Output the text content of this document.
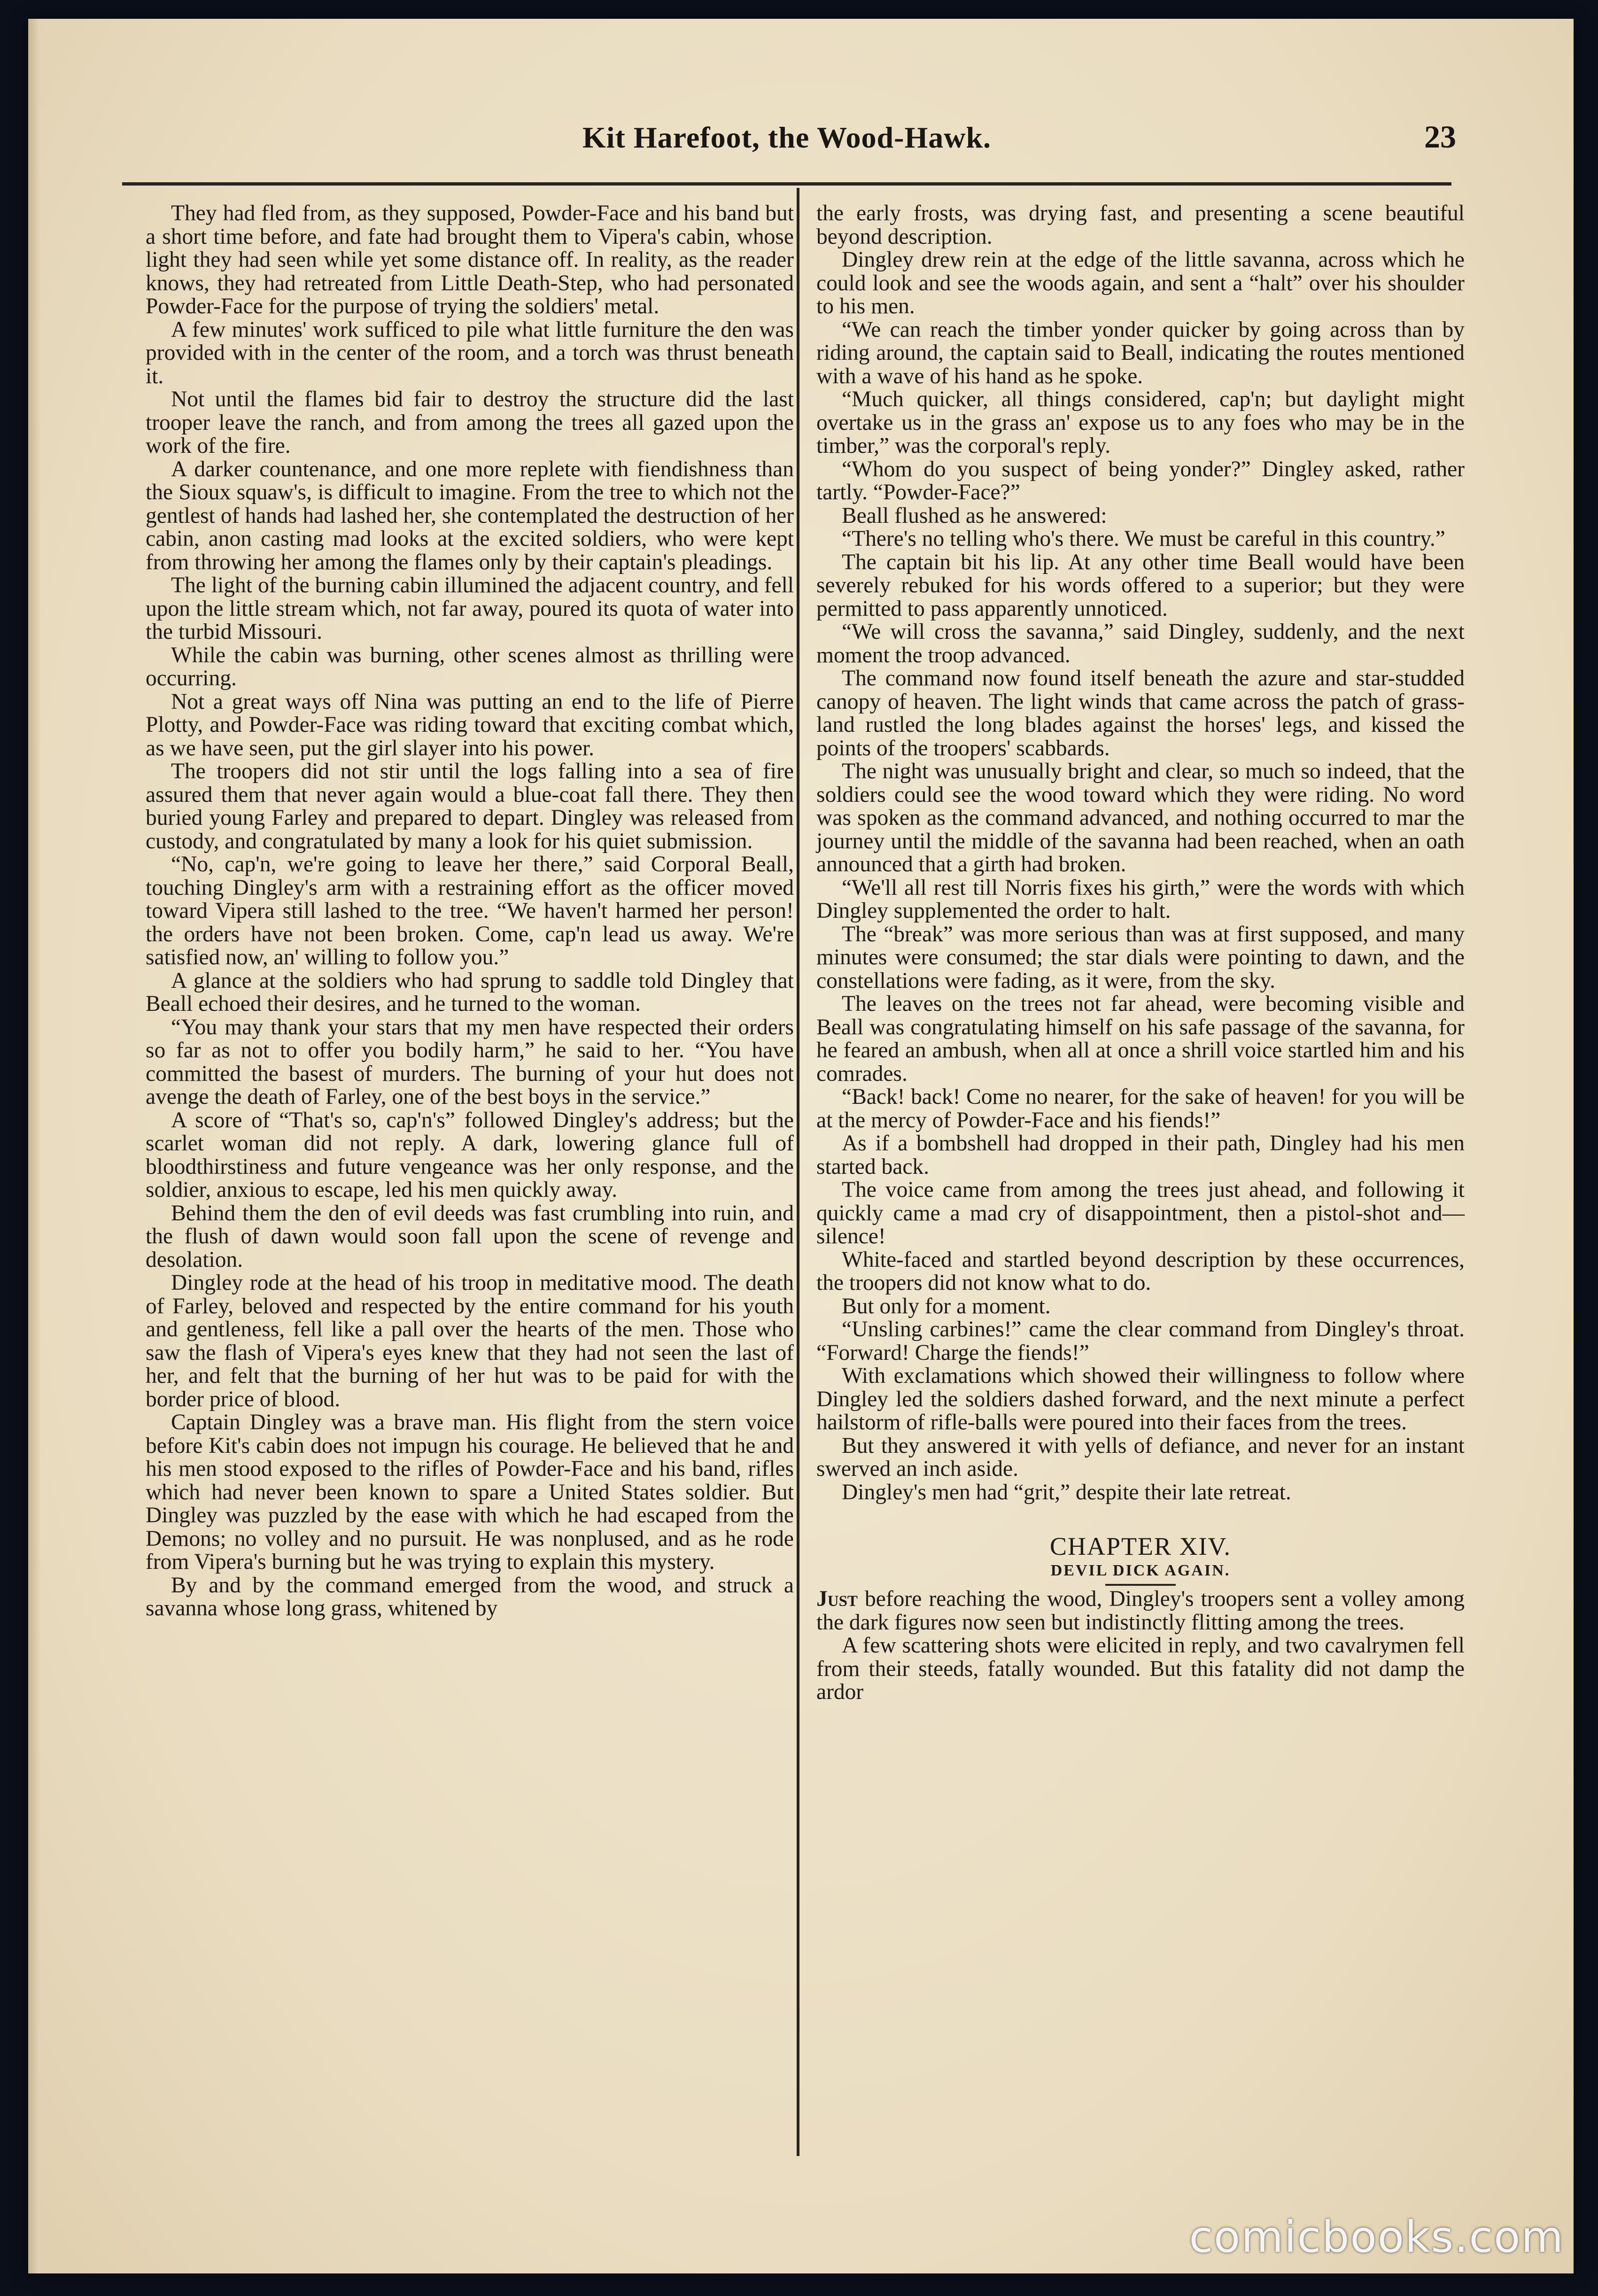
Kit Harefoot, the Wood-Hawk.	23

They had fled from, as they supposed, Powder-Face and his band but a short time before, and fate had brought them to Vipera's cabin, whose light they had seen while yet some distance off. In reality, as the reader knows, they had retreated from Little Death-Step, who had personated Powder-Face for the purpose of trying the soldiers' metal.

A few minutes' work sufficed to pile what little furniture the den was provided with in the center of the room, and a torch was thrust beneath it.

Not until the flames bid fair to destroy the structure did the last trooper leave the ranch, and from among the trees all gazed upon the work of the fire.

A darker countenance, and one more replete with fiendishness than the Sioux squaw's, is difficult to imagine. From the tree to which not the gentlest of hands had lashed her, she contemplated the destruction of her cabin, anon casting mad looks at the excited soldiers, who were kept from throwing her among the flames only by their captain's pleadings.

The light of the burning cabin illumined the adjacent country, and fell upon the little stream which, not far away, poured its quota of water into the turbid Missouri.

While the cabin was burning, other scenes almost as thrilling were occurring.

Not a great ways off Nina was putting an end to the life of Pierre Plotty, and Powder-Face was riding toward that exciting combat which, as we have seen, put the girl slayer into his power.

The troopers did not stir until the logs falling into a sea of fire assured them that never again would a blue-coat fall there. They then buried young Farley and prepared to depart. Dingley was released from custody, and congratulated by many a look for his quiet submission.

“No, cap'n, we're going to leave her there,” said Corporal Beall, touching Dingley's arm with a restraining effort as the officer moved toward Vipera still lashed to the tree. “We haven't harmed her person! the orders have not been broken. Come, cap'n lead us away. We're satisfied now, an' willing to follow you.”

A glance at the soldiers who had sprung to saddle told Dingley that Beall echoed their desires, and he turned to the woman.

“You may thank your stars that my men have respected their orders so far as not to offer you bodily harm,” he said to her. “You have committed the basest of murders. The burning of your hut does not avenge the death of Farley, one of the best boys in the service.”

A score of “That's so, cap'n's” followed Dingley's address; but the scarlet woman did not reply. A dark, lowering glance full of bloodthirstiness and future vengeance was her only response, and the soldier, anxious to escape, led his men quickly away.

Behind them the den of evil deeds was fast crumbling into ruin, and the flush of dawn would soon fall upon the scene of revenge and desolation.

Dingley rode at the head of his troop in meditative mood. The death of Farley, beloved and respected by the entire command for his youth and gentleness, fell like a pall over the hearts of the men. Those who saw the flash of Vipera's eyes knew that they had not seen the last of her, and felt that the burning of her hut was to be paid for with the border price of blood.

Captain Dingley was a brave man. His flight from the stern voice before Kit's cabin does not impugn his courage. He believed that he and his men stood exposed to the rifles of Powder-Face and his band, rifles which had never been known to spare a United States soldier. But Dingley was puzzled by the ease with which he had escaped from the Demons; no volley and no pursuit. He was nonplused, and as he rode from Vipera's burning but he was trying to explain this mystery.

By and by the command emerged from the wood, and struck a savanna whose long grass, whitened by

the early frosts, was drying fast, and presenting a scene beautiful beyond description.

Dingley drew rein at the edge of the little savanna, across which he could look and see the woods again, and sent a “halt” over his shoulder to his men.

“We can reach the timber yonder quicker by going across than by riding around, the captain said to Beall, indicating the routes mentioned with a wave of his hand as he spoke.

“Much quicker, all things considered, cap'n; but daylight might overtake us in the grass an' expose us to any foes who may be in the timber,” was the corporal's reply.

“Whom do you suspect of being yonder?” Dingley asked, rather tartly. “Powder-Face?”

Beall flushed as he answered:

“There's no telling who's there. We must be careful in this country.”

The captain bit his lip. At any other time Beall would have been severely rebuked for his words offered to a superior; but they were permitted to pass apparently unnoticed.

“We will cross the savanna,” said Dingley, suddenly, and the next moment the troop advanced.

The command now found itself beneath the azure and star-studded canopy of heaven. The light winds that came across the patch of grass-land rustled the long blades against the horses' legs, and kissed the points of the troopers' scabbards.

The night was unusually bright and clear, so much so indeed, that the soldiers could see the wood toward which they were riding. No word was spoken as the command advanced, and nothing occurred to mar the journey until the middle of the savanna had been reached, when an oath announced that a girth had broken.

“We'll all rest till Norris fixes his girth,” were the words with which Dingley supplemented the order to halt.

The “break” was more serious than was at first supposed, and many minutes were consumed; the star dials were pointing to dawn, and the constellations were fading, as it were, from the sky.

The leaves on the trees not far ahead, were becoming visible and Beall was congratulating himself on his safe passage of the savanna, for he feared an ambush, when all at once a shrill voice startled him and his comrades.

“Back! back! Come no nearer, for the sake of heaven! for you will be at the mercy of Powder-Face and his fiends!”

As if a bombshell had dropped in their path, Dingley had his men started back.

The voice came from among the trees just ahead, and following it quickly came a mad cry of disappointment, then a pistol-shot and—silence!

White-faced and startled beyond description by these occurrences, the troopers did not know what to do.

But only for a moment.

“Unsling carbines!” came the clear command from Dingley's throat. “Forward! Charge the fiends!”

With exclamations which showed their willingness to follow where Dingley led the soldiers dashed forward, and the next minute a perfect hailstorm of rifle-balls were poured into their faces from the trees.

But they answered it with yells of defiance, and never for an instant swerved an inch aside.

Dingley's men had “grit,” despite their late retreat.

CHAPTER XIV.
DEVIL DICK AGAIN.

Just before reaching the wood, Dingley's troopers sent a volley among the dark figures now seen but indistinctly flitting among the trees.

A few scattering shots were elicited in reply, and two cavalrymen fell from their steeds, fatally wounded. But this fatality did not damp the ardor

comicbooks.com
